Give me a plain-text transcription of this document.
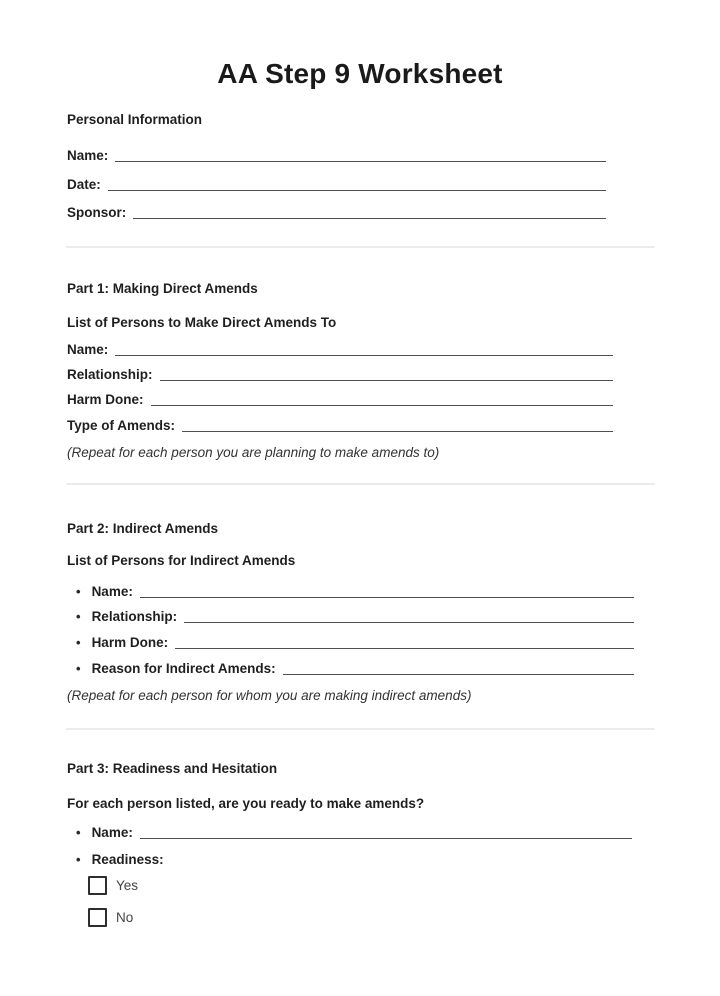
AA Step 9 Worksheet
Personal Information
Name:
Date:
Sponsor:
Part 1: Making Direct Amends
List of Persons to Make Direct Amends To
Name:
Relationship:
Harm Done:
Type of Amends:

(Repeat for each person you are planning to make amends to)

Part 2: Indirect Amends
List of Persons for Indirect Amends
• Name:
• Relationship:
• Harm Done:
• Reason for Indirect Amends:

(Repeat for each person for whom you are making indirect amends)

Part 3: Readiness and Hesitation
For each person listed, are you ready to make amends?
• Name:
• Readiness:
Yes
No
